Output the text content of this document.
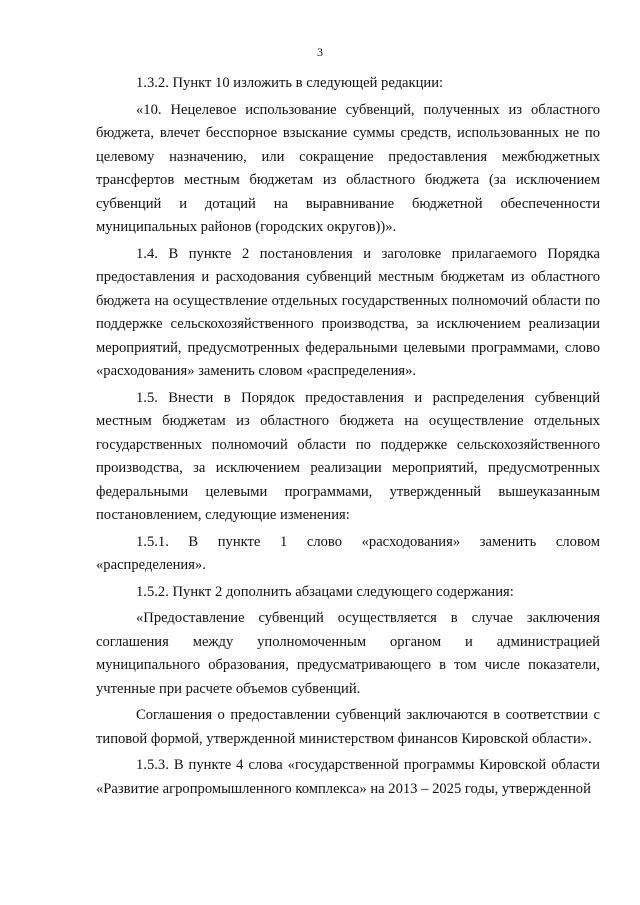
3

1.3.2. Пункт 10 изложить в следующей редакции:

«10. Нецелевое использование субвенций, полученных из областного бюджета, влечет бесспорное взыскание суммы средств, использованных не по целевому назначению, или сокращение предоставления межбюджетных трансфертов местным бюджетам из областного бюджета (за исключением субвенций и дотаций на выравнивание бюджетной обеспеченности муниципальных районов (городских округов))».

1.4. В пункте 2 постановления и заголовке прилагаемого Порядка предоставления и расходования субвенций местным бюджетам из областного бюджета на осуществление отдельных государственных полномочий области по поддержке сельскохозяйственного производства, за исключением реализации мероприятий, предусмотренных федеральными целевыми программами, слово «расходования» заменить словом «распределения».

1.5. Внести в Порядок предоставления и распределения субвенций местным бюджетам из областного бюджета на осуществление отдельных государственных полномочий области по поддержке сельскохозяйственного производства, за исключением реализации мероприятий, предусмотренных федеральными целевыми программами, утвержденный вышеуказанным постановлением, следующие изменения:

1.5.1. В пункте 1 слово «расходования» заменить словом «распределения».

1.5.2. Пункт 2 дополнить абзацами следующего содержания:

«Предоставление субвенций осуществляется в случае заключения соглашения между уполномоченным органом и администрацией муниципального образования, предусматривающего в том числе показатели, учтенные при расчете объемов субвенций.

Соглашения о предоставлении субвенций заключаются в соответствии с типовой формой, утвержденной министерством финансов Кировской области».

1.5.3. В пункте 4 слова «государственной программы Кировской области «Развитие агропромышленного комплекса» на 2013 – 2025 годы, утвержденной
